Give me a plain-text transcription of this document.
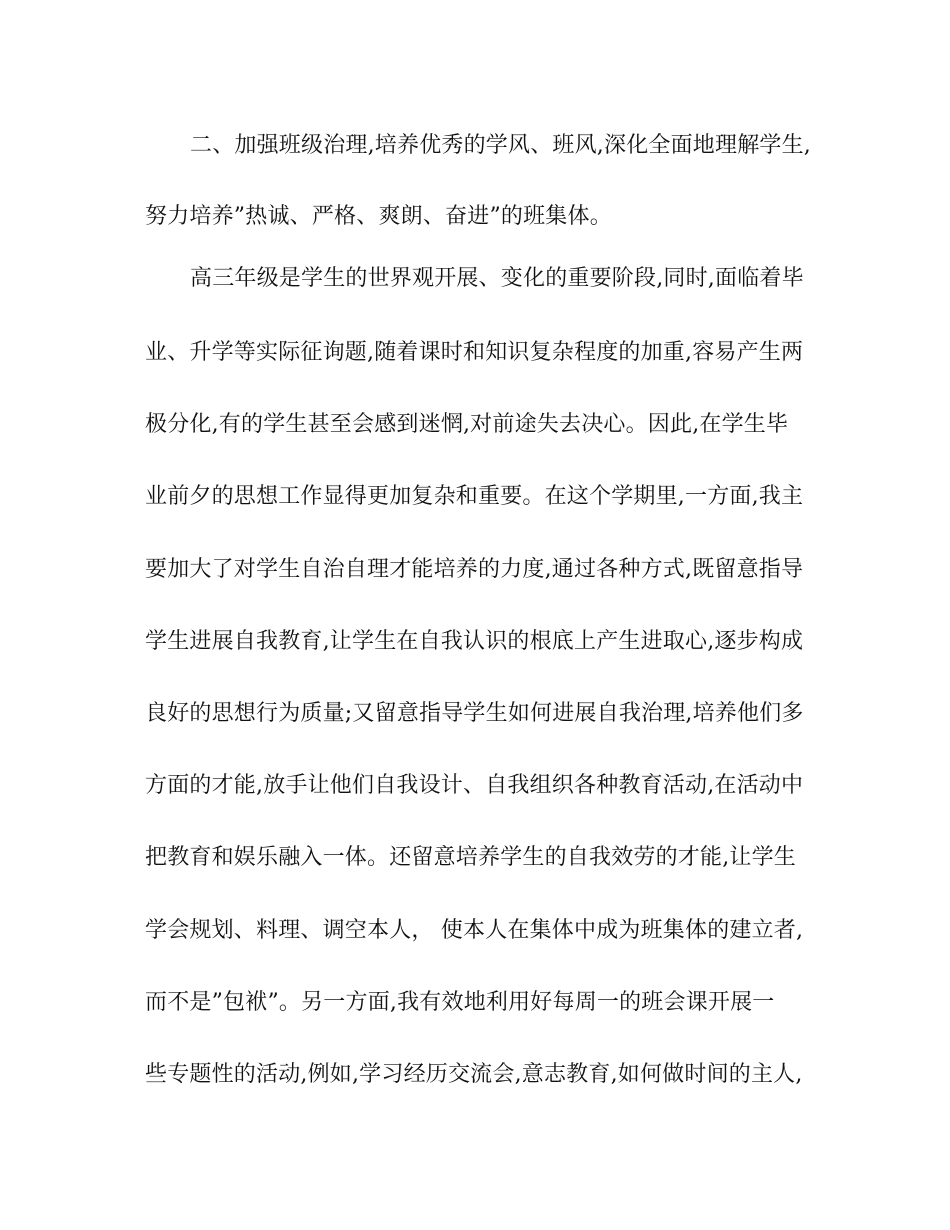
二、加强班级治理,培养优秀的学风、班风,深化全面地理解学生,
努力培养”热诚、严格、爽朗、奋进”的班集体。
高三年级是学生的世界观开展、变化的重要阶段,同时,面临着毕
业、升学等实际征询题,随着课时和知识复杂程度的加重,容易产生两
极分化,有的学生甚至会感到迷惘,对前途失去决心。因此,在学生毕
业前夕的思想工作显得更加复杂和重要。在这个学期里,一方面,我主
要加大了对学生自治自理才能培养的力度,通过各种方式,既留意指导
学生进展自我教育,让学生在自我认识的根底上产生进取心,逐步构成
良好的思想行为质量;又留意指导学生如何进展自我治理,培养他们多
方面的才能,放手让他们自我设计、自我组织各种教育活动,在活动中
把教育和娱乐融入一体。还留意培养学生的自我效劳的才能,让学生
学会规划、料理、调空本人， 使本人在集体中成为班集体的建立者,
而不是”包袱”。另一方面,我有效地利用好每周一的班会课开展一
些专题性的活动,例如,学习经历交流会,意志教育,如何做时间的主人,
